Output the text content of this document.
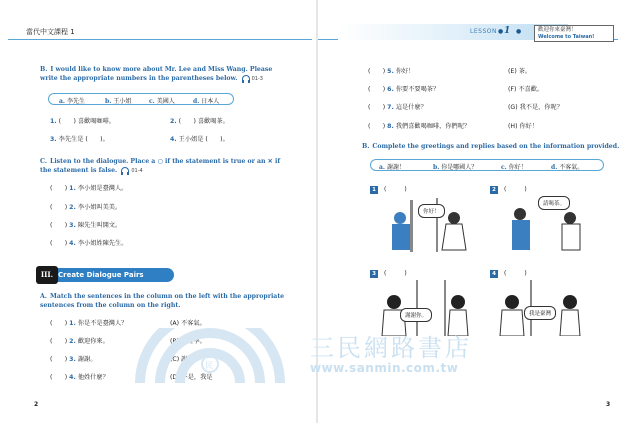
當代中文課程 1
B. I would like to know more about Mr. Lee and Miss Wang. Please write the appropriate numbers in the parentheses below.	01-3
a. 李先生	b. 王小姐	c. 美國人	d. 日本人
1. (　　) 喜歡喝咖啡。	2. (　　) 喜歡喝茶。
3. 李先生是 (　　)。	4. 王小姐是 (　　)。
C. Listen to the dialogue. Place a ○ if the statement is true or an ✕ if the statement is false.	01-4
(　　) 1. 李小姐是臺灣人。
(　　) 2. 李小姐叫美美。
(　　) 3. 陳先生叫開文。
(　　) 4. 李小姐姓陳先生。
Create Dialogue Pairs
III.
A. Match the sentences in the column on the left with the appropriate sentences from the column on the right.
(　　) 1. 你是不是臺灣人？	(A) 不客氣。
(　　) 2. 歡迎你來。	(B) 他姓李。
(　　) 3. 謝謝。	(C) 謝謝。
(　　) 4. 他姓什麼？	(D) 不是，我是
2
LESSON ● 1 ●	歡迎你來臺灣！
Welcome to Taiwan!
(　　) 5. 你好！	(E) 茶。
(　　) 6. 你要不要喝茶？	(F) 不喜歡。
(　　) 7. 這是什麼？	(G) 我不是，你呢？
(　　) 8. 我們喜歡喝咖啡，你們呢？	(H) 你好！
B. Complete the greetings and replies based on the information provided.
a. 謝謝！	b. 你是哪國人？	c. 你好！	d. 不客氣。
1 (　　　)
你好！
2 (　　　)
請喝茶。
3 (　　　)
謝謝你。
4 (　　　)
我是臺灣
3
民
三民網路書店
www.sanmin.com.tw
